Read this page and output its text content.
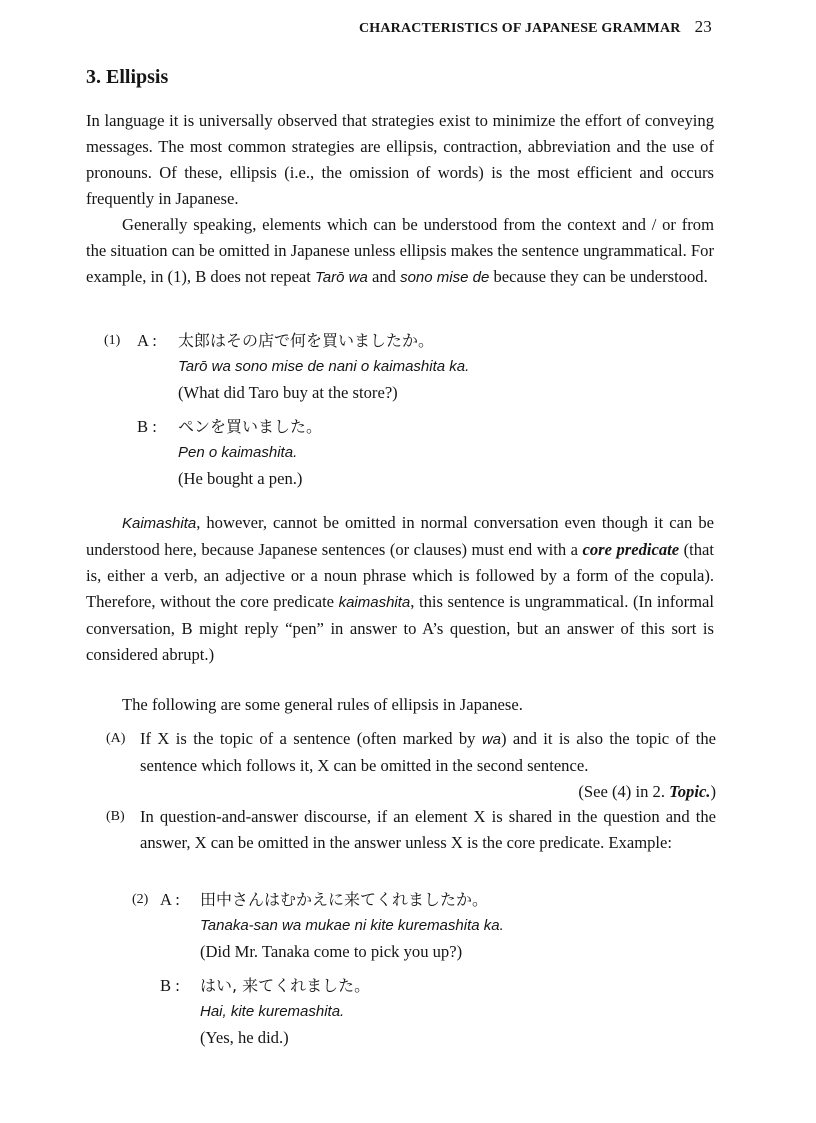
CHARACTERISTICS OF JAPANESE GRAMMAR 23
3. Ellipsis

In language it is universally observed that strategies exist to minimize the effort of conveying messages. The most common strategies are ellipsis, contraction, abbreviation and the use of pronouns. Of these, ellipsis (i.e., the omission of words) is the most efficient and occurs frequently in Japanese.

Generally speaking, elements which can be understood from the context and / or from the situation can be omitted in Japanese unless ellipsis makes the sentence ungrammatical. For example, in (1), B does not repeat Tarō wa and sono mise de because they can be understood.

(1) A : 太郎はその店で何を買いましたか。
Tarō wa sono mise de nani o kaimashita ka.
(What did Taro buy at the store?)
B : ペンを買いました。
Pen o kaimashita.
(He bought a pen.)

Kaimashita, however, cannot be omitted in normal conversation even though it can be understood here, because Japanese sentences (or clauses) must end with a core predicate (that is, either a verb, an adjective or a noun phrase which is followed by a form of the copula). Therefore, without the core predicate kaimashita, this sentence is ungrammatical. (In informal conversation, B might reply “pen” in answer to A’s question, but an answer of this sort is considered abrupt.)

The following are some general rules of ellipsis in Japanese.

(A) If X is the topic of a sentence (often marked by wa) and it is also the topic of the sentence which follows it, X can be omitted in the second sentence.
(See (4) in 2. Topic.)

(B) In question-and-answer discourse, if an element X is shared in the question and the answer, X can be omitted in the answer unless X is the core predicate. Example:

(2) A : 田中さんはむかえに来てくれましたか。
Tanaka-san wa mukae ni kite kuremashita ka.
(Did Mr. Tanaka come to pick you up?)
B : はい, 来てくれました。
Hai, kite kuremashita.
(Yes, he did.)
